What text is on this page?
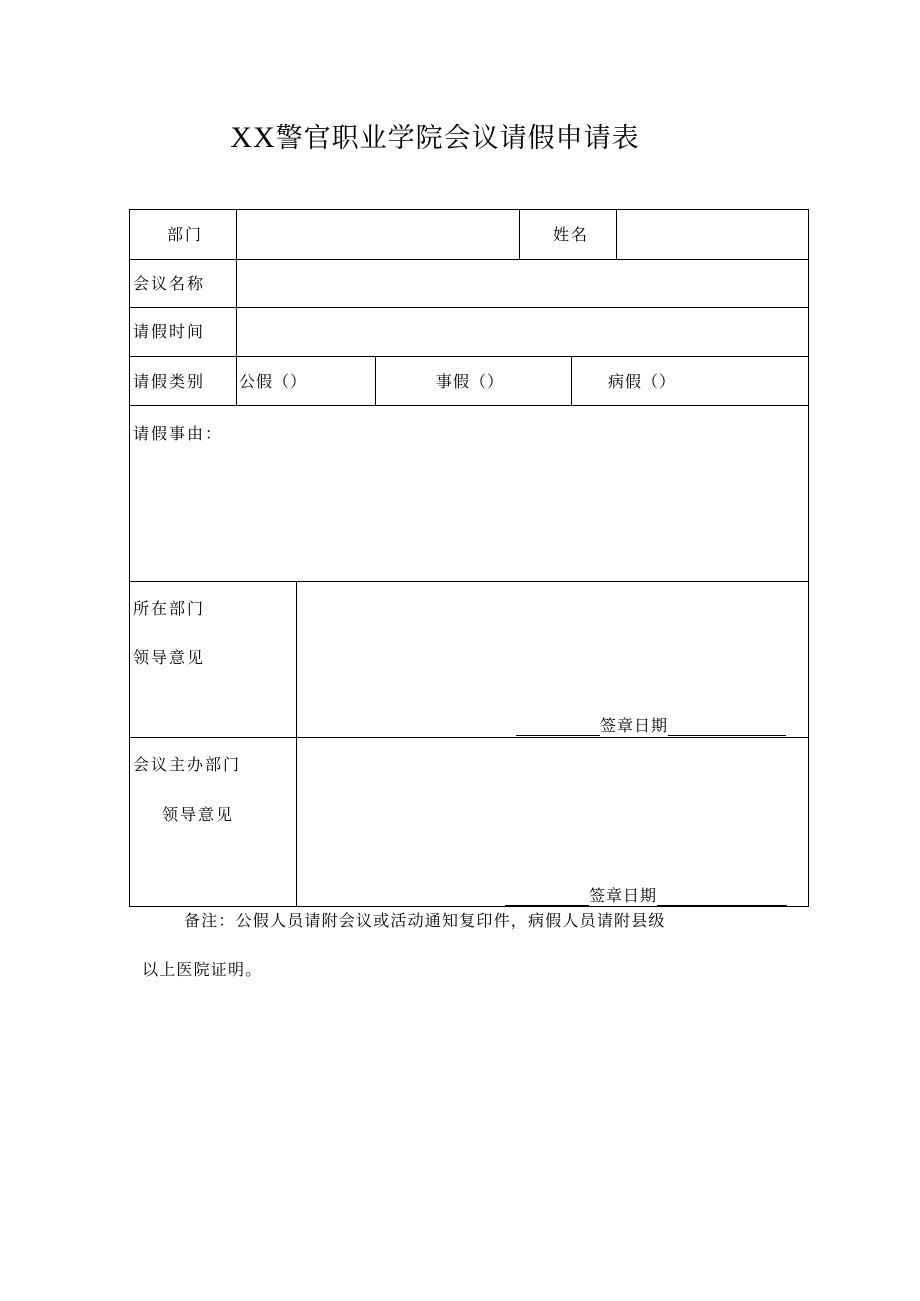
XX警官职业学院会议请假申请表
部门	姓名
会议名称
请假时间
请假类别 公假（）	事假（）	病假（）
请假事由：
所在部门
领导意见
签章日期
会议主办部门
领导意见
签章日期
备注：公假人员请附会议或活动通知复印件，病假人员请附县级
以上医院证明。
